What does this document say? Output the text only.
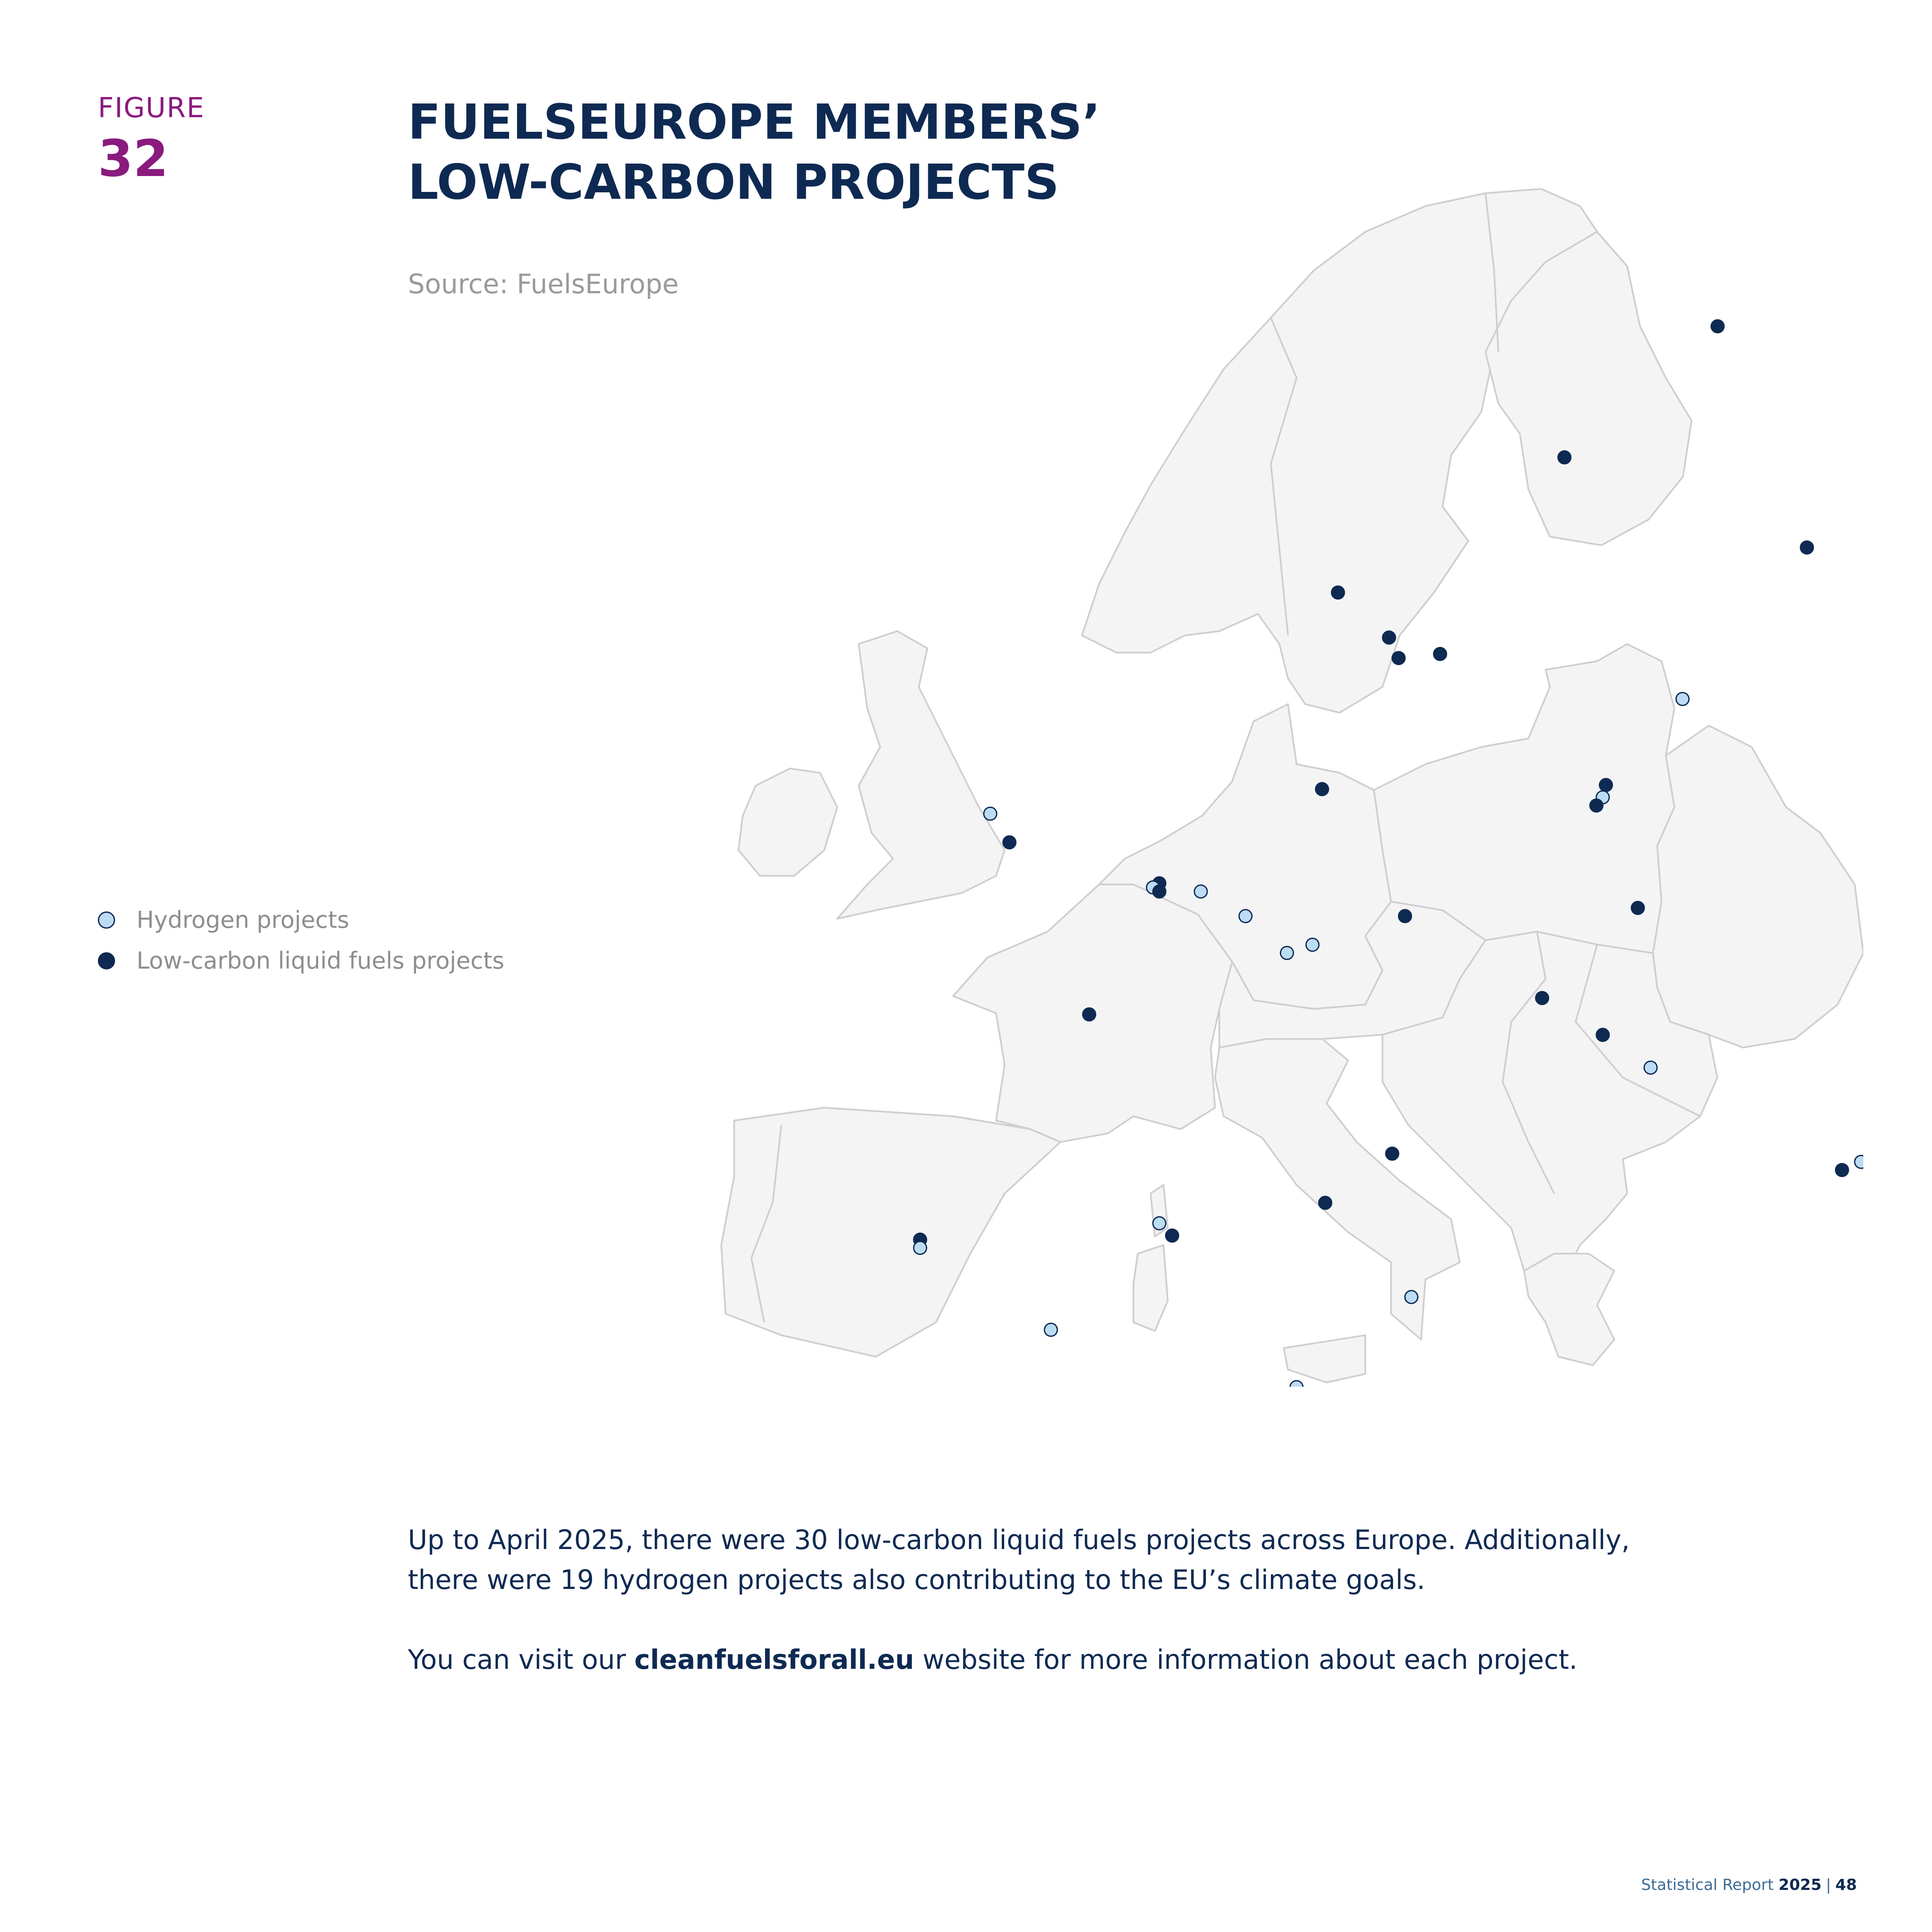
FIGURE
32
FUELSEUROPE MEMBERS’
LOW-CARBON PROJECTS
Source: FuelsEurope
Hydrogen projects
Low-carbon liquid fuels projects

Up to April 2025, there were 30 low-carbon liquid fuels projects across Europe. Additionally, there were 19 hydrogen projects also contributing to the EU’s climate goals.

You can visit our cleanfuelsforall.eu website for more information about each project.

Statistical Report 2025 | 48
